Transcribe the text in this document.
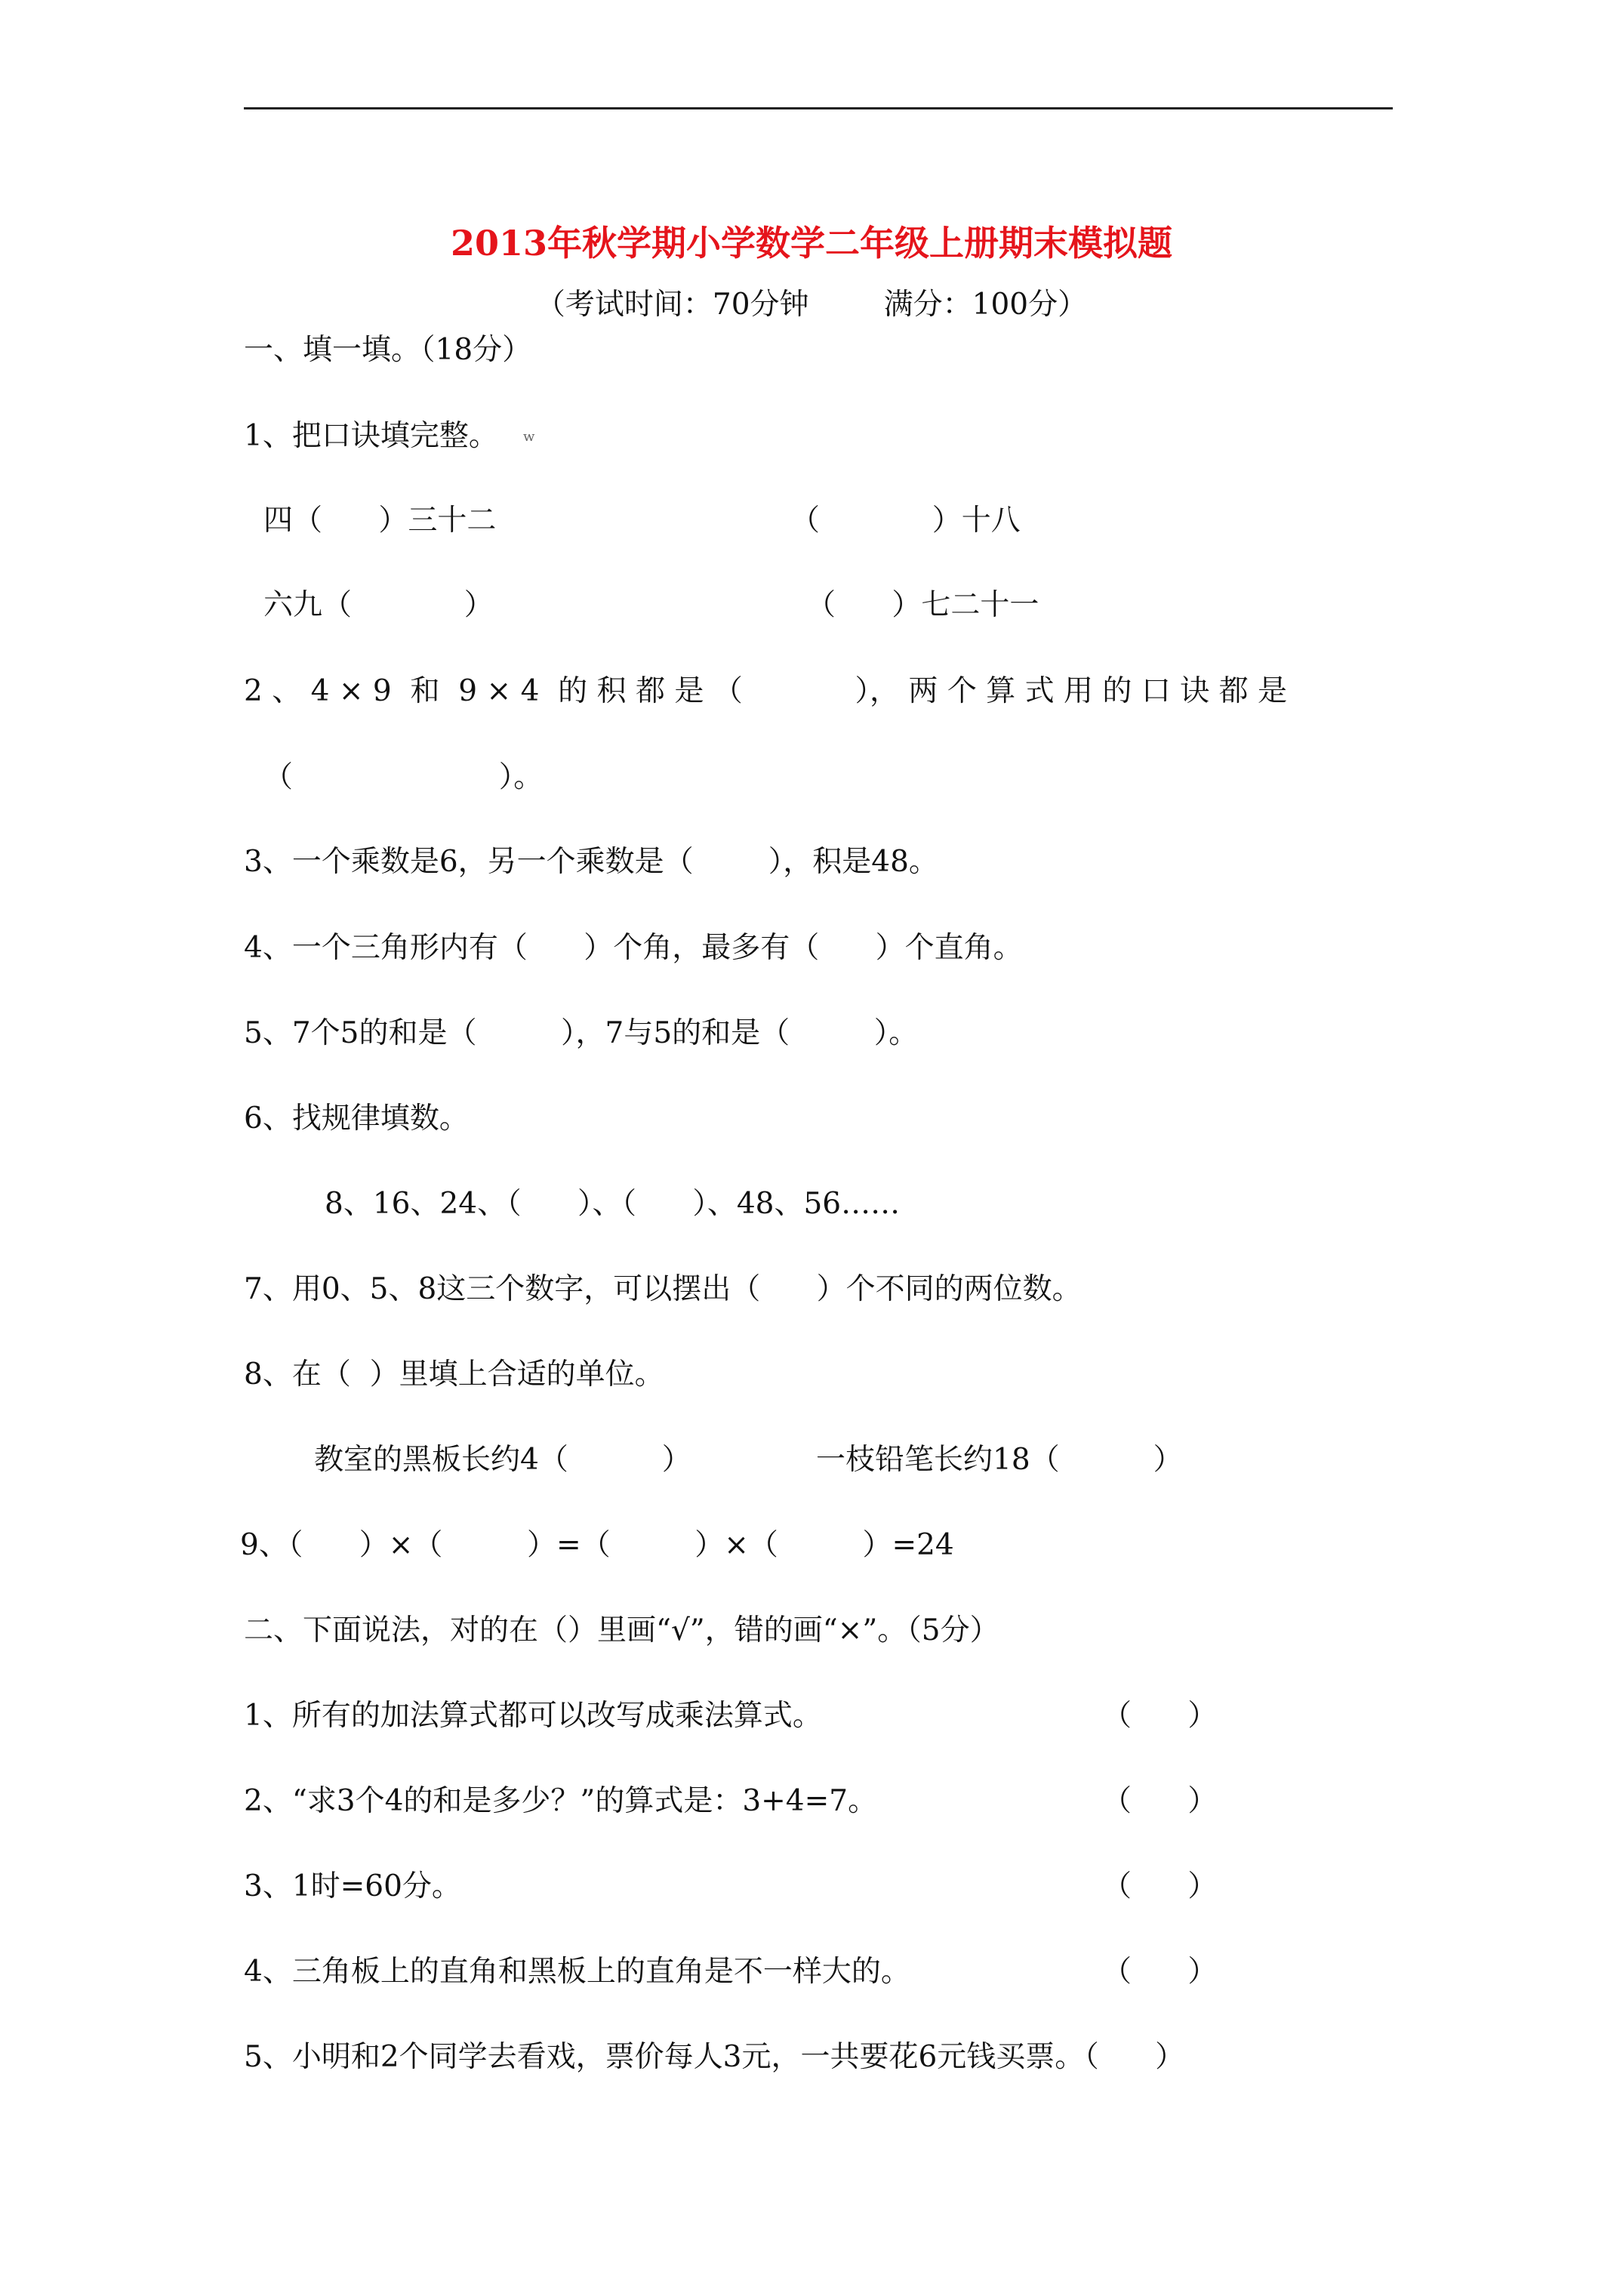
2013年秋学期小学数学二年级上册期末模拟题
（考试时间：70分钟        满分：100分）
一、填一填。（18分）
1、把口诀填完整。 w
四（      ）三十二	（            ）十八
六九（            ）	（      ）七二十一
2 、 4 × 9  和  9 × 4  的 积 都 是 （            ）， 两 个 算 式 用 的 口 诀 都 是
（                      ）。
3、一个乘数是6，另一个乘数是（        ），积是48。
4、一个三角形内有（      ）个角，最多有（      ）个直角。
5、7个5的和是（         ），7与5的和是（         ）。
6、找规律填数。
8、16、24、（      ）、（      ）、48、56……
7、用0、5、8这三个数字，可以摆出（      ）个不同的两位数。
8、在（  ）里填上合适的单位。
教室的黑板长约4（          ）	一枝铅笔长约18（          ）
9、（      ）×（         ）=（         ）×（         ）=24
二、下面说法，对的在（）里画“√”，错的画“×”。（5分）
1、所有的加法算式都可以改写成乘法算式。	（      ）
2、“求3个4的和是多少？”的算式是：3+4=7。	（      ）
3、1时=60分。	（      ）
4、三角板上的直角和黑板上的直角是不一样大的。	（      ）
5、小明和2个同学去看戏，票价每人3元，一共要花6元钱买票。（      ）
